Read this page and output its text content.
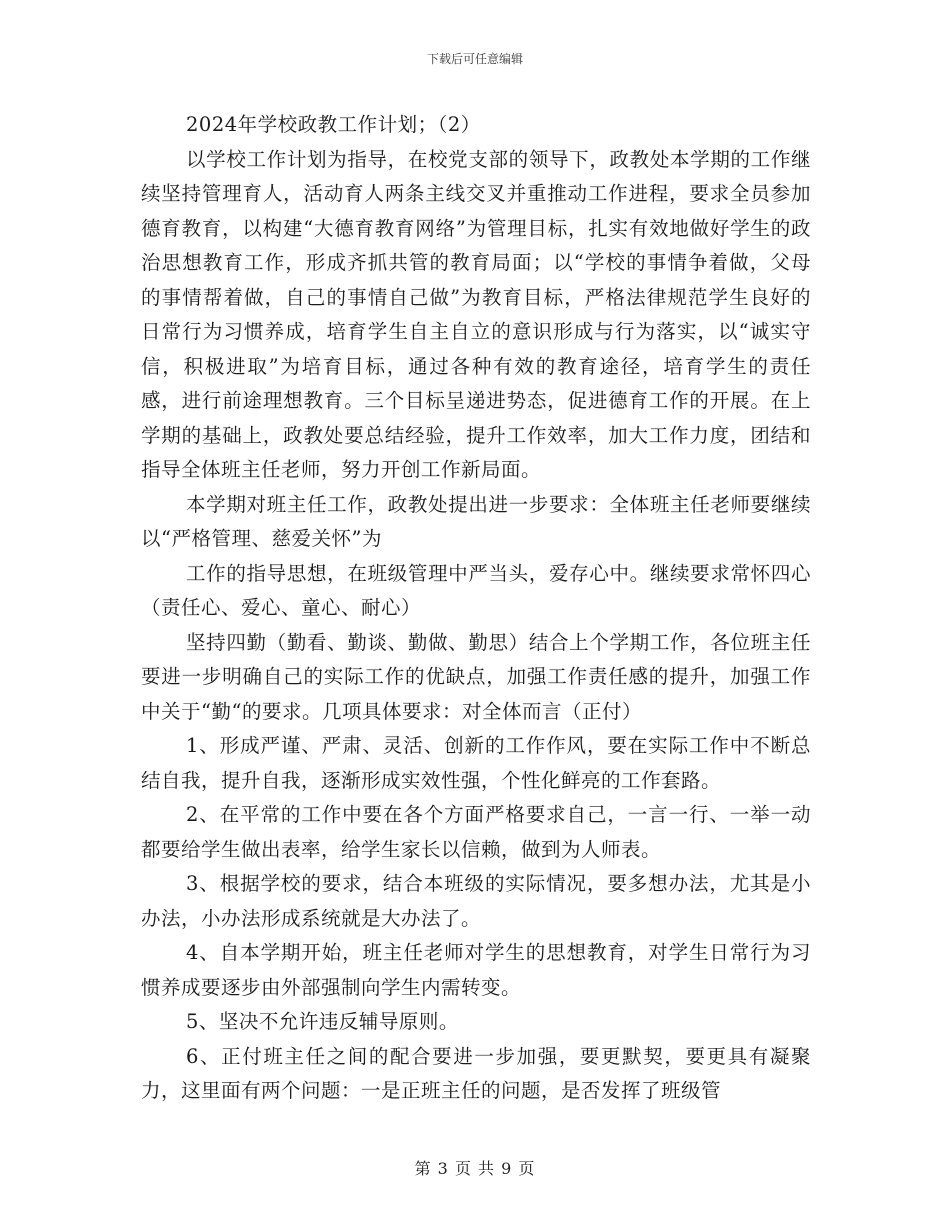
下载后可任意编辑

2024年学校政教工作计划；（2）

以学校工作计划为指导，在校党支部的领导下，政教处本学期的工作继续坚持管理育人，活动育人两条主线交叉并重推动工作进程，要求全员参加德育教育，以构建“大德育教育网络”为管理目标，扎实有效地做好学生的政治思想教育工作，形成齐抓共管的教育局面；以“学校的事情争着做，父母的事情帮着做，自己的事情自己做”为教育目标，严格法律规范学生良好的日常行为习惯养成，培育学生自主自立的意识形成与行为落实，以“诚实守信，积极进取”为培育目标，通过各种有效的教育途径，培育学生的责任感，进行前途理想教育。三个目标呈递进势态，促进德育工作的开展。在上学期的基础上，政教处要总结经验，提升工作效率，加大工作力度，团结和指导全体班主任老师，努力开创工作新局面。

本学期对班主任工作，政教处提出进一步要求：全体班主任老师要继续以“严格管理、慈爱关怀”为

工作的指导思想，在班级管理中严当头，爱存心中。继续要求常怀四心（责任心、爱心、童心、耐心）

坚持四勤（勤看、勤谈、勤做、勤思）结合上个学期工作，各位班主任要进一步明确自己的实际工作的优缺点，加强工作责任感的提升，加强工作中关于“勤“的要求。几项具体要求：对全体而言（正付）

1、形成严谨、严肃、灵活、创新的工作作风，要在实际工作中不断总结自我，提升自我，逐渐形成实效性强，个性化鲜亮的工作套路。

2、在平常的工作中要在各个方面严格要求自己，一言一行、一举一动都要给学生做出表率，给学生家长以信赖，做到为人师表。

3、根据学校的要求，结合本班级的实际情况，要多想办法，尤其是小办法，小办法形成系统就是大办法了。

4、自本学期开始，班主任老师对学生的思想教育，对学生日常行为习惯养成要逐步由外部强制向学生内需转变。

5、坚决不允许违反辅导原则。

6、正付班主任之间的配合要进一步加强，要更默契，要更具有凝聚力，这里面有两个问题：一是正班主任的问题，是否发挥了班级管

第 3 页 共 9 页
